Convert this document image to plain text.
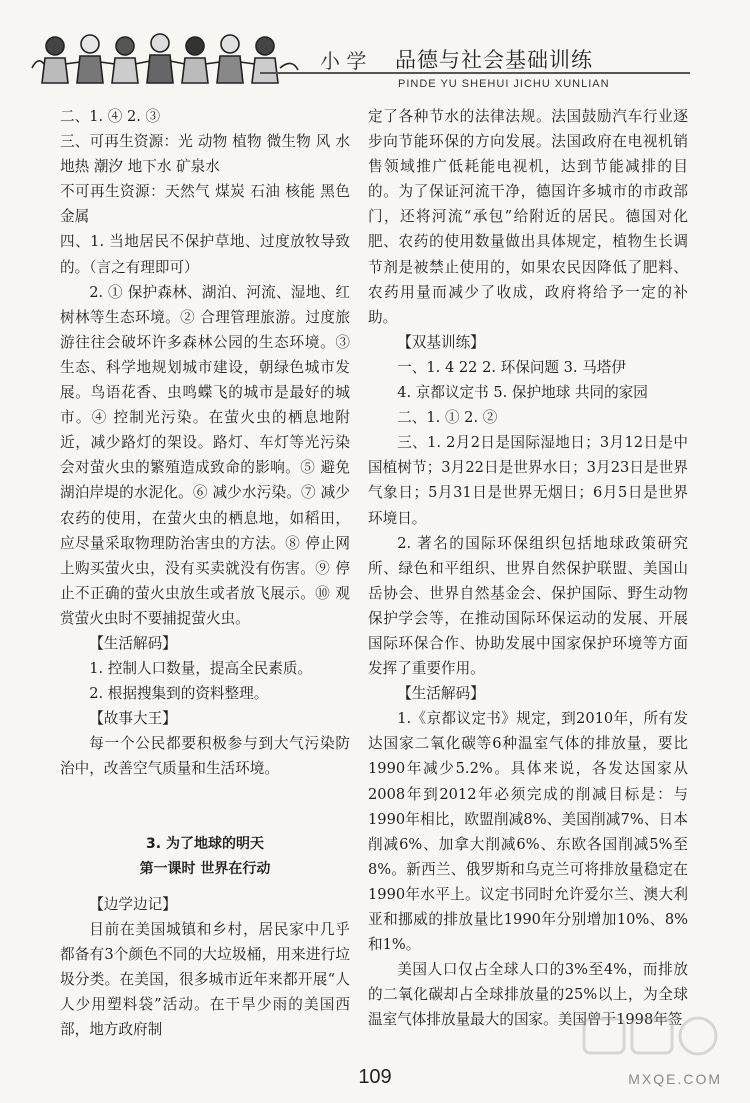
小 学 品德与社会基础训练
PINDE YU SHEHUI JICHU XUNLIAN

二、1. ④ 2. ③

三、可再生资源：光 动物 植物 微生物 风 水 地热 潮汐 地下水 矿泉水

不可再生资源：天然气 煤炭 石油 核能 黑色金属

四、1. 当地居民不保护草地、过度放牧导致的。（言之有理即可）

2. ① 保护森林、湖泊、河流、湿地、红树林等生态环境。② 合理管理旅游。过度旅游往往会破坏许多森林公园的生态环境。③ 生态、科学地规划城市建设，朝绿色城市发展。鸟语花香、虫鸣蝶飞的城市是最好的城市。④ 控制光污染。在萤火虫的栖息地附近，减少路灯的架设。路灯、车灯等光污染会对萤火虫的繁殖造成致命的影响。⑤ 避免湖泊岸堤的水泥化。⑥ 减少水污染。⑦ 减少农药的使用，在萤火虫的栖息地，如稻田，应尽量采取物理防治害虫的方法。⑧ 停止网上购买萤火虫，没有买卖就没有伤害。⑨ 停止不正确的萤火虫放生或者放飞展示。⑩ 观赏萤火虫时不要捕捉萤火虫。

【生活解码】

1. 控制人口数量，提高全民素质。

2. 根据搜集到的资料整理。

【故事大王】

每一个公民都要积极参与到大气污染防治中，改善空气质量和生活环境。

3. 为了地球的明天

第一课时 世界在行动

【边学边记】

目前在美国城镇和乡村，居民家中几乎都备有3个颜色不同的大垃圾桶，用来进行垃圾分类。在美国，很多城市近年来都开展“人人少用塑料袋”活动。在干旱少雨的美国西部，地方政府制

定了各种节水的法律法规。法国鼓励汽车行业逐步向节能环保的方向发展。法国政府在电视机销售领域推广低耗能电视机，达到节能减排的目的。为了保证河流干净，德国许多城市的市政部门，还将河流“承包”给附近的居民。德国对化肥、农药的使用数量做出具体规定，植物生长调节剂是被禁止使用的，如果农民因降低了肥料、农药用量而减少了收成，政府将给予一定的补助。

【双基训练】

一、1. 4 22 2. 环保问题 3. 马塔伊

4. 京都议定书 5. 保护地球 共同的家园

二、1. ① 2. ②

三、1. 2月2日是国际湿地日；3月12日是中国植树节；3月22日是世界水日；3月23日是世界气象日；5月31日是世界无烟日；6月5日是世界环境日。

2. 著名的国际环保组织包括地球政策研究所、绿色和平组织、世界自然保护联盟、美国山岳协会、世界自然基金会、保护国际、野生动物保护学会等，在推动国际环保运动的发展、开展国际环保合作、协助发展中国家保护环境等方面发挥了重要作用。

【生活解码】

1.《京都议定书》规定，到2010年，所有发达国家二氧化碳等6种温室气体的排放量，要比1990年减少5.2%。具体来说，各发达国家从2008年到2012年必须完成的削减目标是：与1990年相比，欧盟削减8%、美国削减7%、日本削减6%、加拿大削减6%、东欧各国削减5%至8%。新西兰、俄罗斯和乌克兰可将排放量稳定在1990年水平上。议定书同时允许爱尔兰、澳大利亚和挪威的排放量比1990年分别增加10%、8%和1%。

美国人口仅占全球人口的3%至4%，而排放的二氧化碳却占全球排放量的25%以上，为全球温室气体排放量最大的国家。美国曾于1998年签

109	MXQE.COM
